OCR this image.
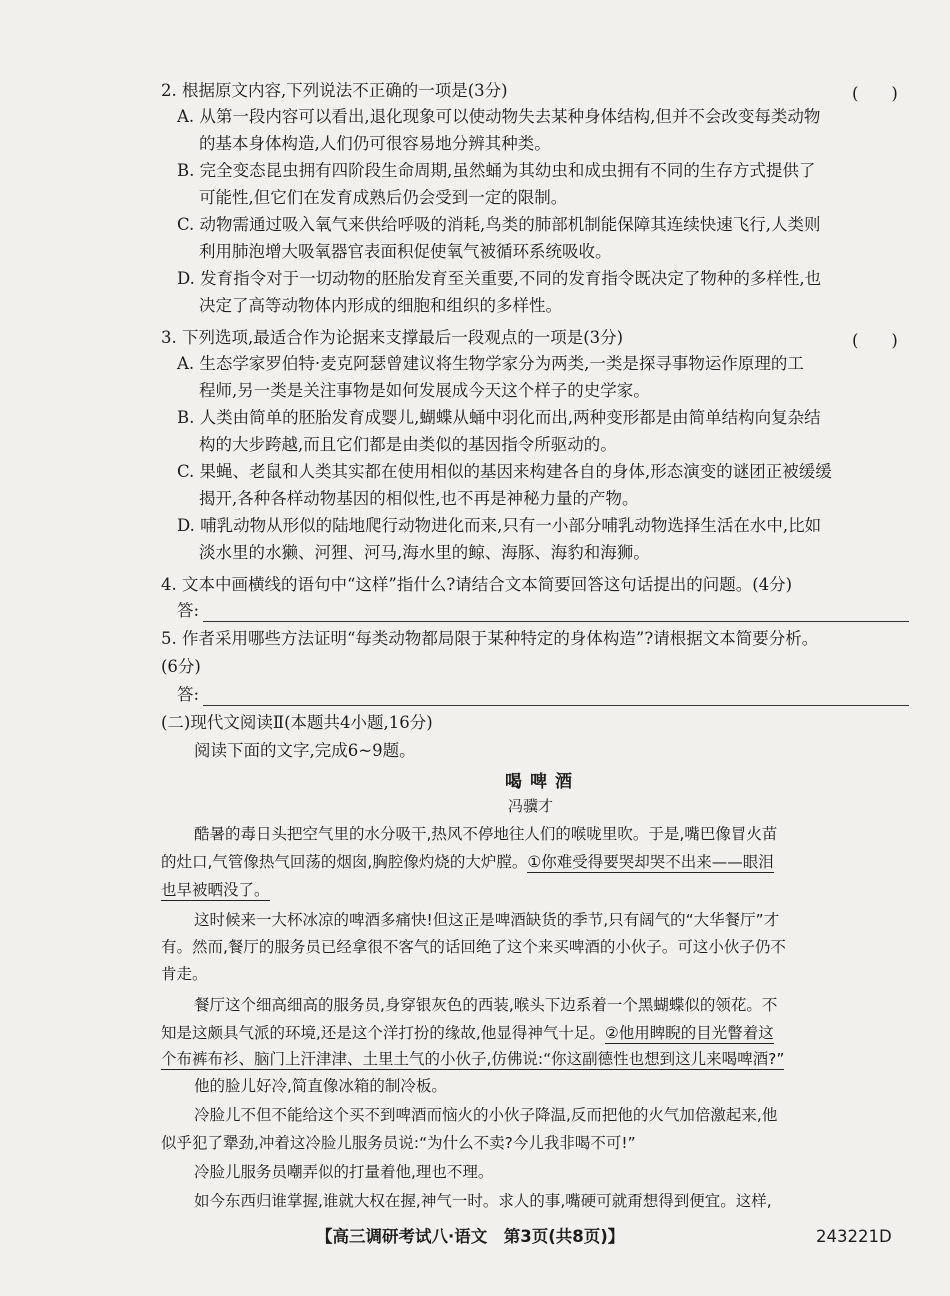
2. 根据原文内容,下列说法不正确的一项是(3分)	(　　)
A. 从第一段内容可以看出,退化现象可以使动物失去某种身体结构,但并不会改变每类动物
的基本身体构造,人们仍可很容易地分辨其种类。
B. 完全变态昆虫拥有四阶段生命周期,虽然蛹为其幼虫和成虫拥有不同的生存方式提供了
可能性,但它们在发育成熟后仍会受到一定的限制。
C. 动物需通过吸入氧气来供给呼吸的消耗,鸟类的肺部机制能保障其连续快速飞行,人类则
利用肺泡增大吸氧器官表面积促使氧气被循环系统吸收。
D. 发育指令对于一切动物的胚胎发育至关重要,不同的发育指令既决定了物种的多样性,也
决定了高等动物体内形成的细胞和组织的多样性。
3. 下列选项,最适合作为论据来支撑最后一段观点的一项是(3分)	(　　)
A. 生态学家罗伯特·麦克阿瑟曾建议将生物学家分为两类,一类是探寻事物运作原理的工
程师,另一类是关注事物是如何发展成今天这个样子的史学家。
B. 人类由简单的胚胎发育成婴儿,蝴蝶从蛹中羽化而出,两种变形都是由简单结构向复杂结
构的大步跨越,而且它们都是由类似的基因指令所驱动的。
C. 果蝇、老鼠和人类其实都在使用相似的基因来构建各自的身体,形态演变的谜团正被缓缓
揭开,各种各样动物基因的相似性,也不再是神秘力量的产物。
D. 哺乳动物从形似的陆地爬行动物进化而来,只有一小部分哺乳动物选择生活在水中,比如
淡水里的水獭、河狸、河马,海水里的鲸、海豚、海豹和海狮。
4. 文本中画横线的语句中“这样”指什么?请结合文本简要回答这句话提出的问题。(4分)
答:
5. 作者采用哪些方法证明“每类动物都局限于某种特定的身体构造”?请根据文本简要分析。
(6分)
答:
(二)现代文阅读Ⅱ(本题共4小题,16分)
阅读下面的文字,完成6~9题。
喝啤酒
冯骥才
酷暑的毒日头把空气里的水分吸干,热风不停地往人们的喉咙里吹。于是,嘴巴像冒火苗
的灶口,气管像热气回荡的烟囱,胸腔像灼烧的大炉膛。①你难受得要哭却哭不出来——眼泪
也早被晒没了。
这时候来一大杯冰凉的啤酒多痛快!但这正是啤酒缺货的季节,只有阔气的“大华餐厅”才
有。然而,餐厅的服务员已经拿很不客气的话回绝了这个来买啤酒的小伙子。可这小伙子仍不
肯走。
餐厅这个细高细高的服务员,身穿银灰色的西装,喉头下边系着一个黑蝴蝶似的领花。不
知是这颇具气派的环境,还是这个洋打扮的缘故,他显得神气十足。②他用睥睨的目光瞥着这
个布裤布衫、脑门上汗津津、土里土气的小伙子,仿佛说:“你这副德性也想到这儿来喝啤酒?”
他的脸儿好冷,简直像冰箱的制冷板。
冷脸儿不但不能给这个买不到啤酒而恼火的小伙子降温,反而把他的火气加倍激起来,他
似乎犯了犟劲,冲着这冷脸儿服务员说:“为什么不卖?今儿我非喝不可!”
冷脸儿服务员嘲弄似的打量着他,理也不理。
如今东西归谁掌握,谁就大权在握,神气一时。求人的事,嘴硬可就甭想得到便宜。这样,
【高三调研考试八·语文　第3页(共8页)】	243221D
